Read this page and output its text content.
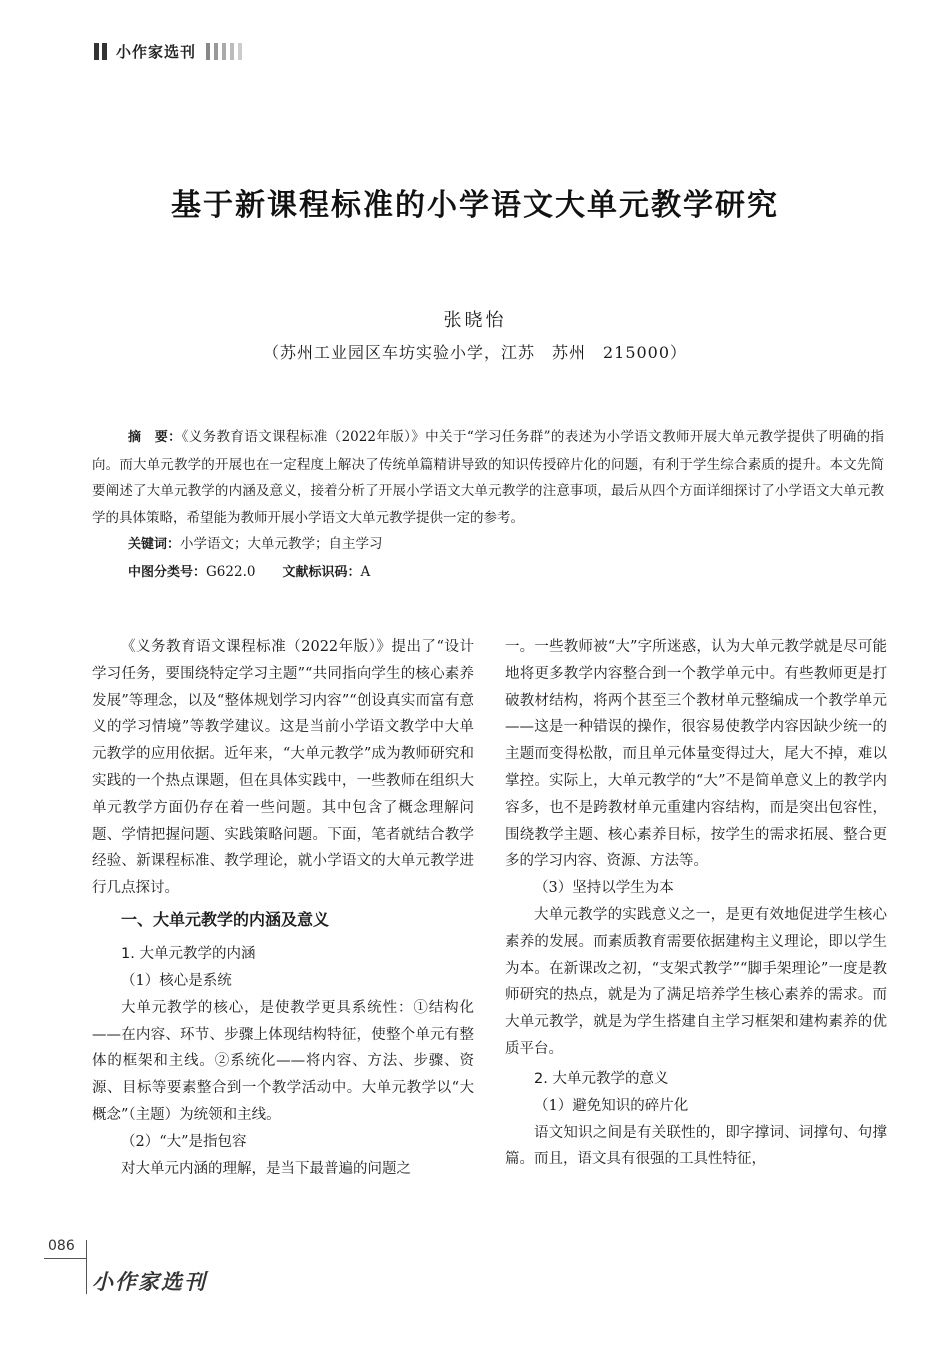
小作家选刊
基于新课程标准的小学语文大单元教学研究
张晓怡
（苏州工业园区车坊实验小学，江苏　苏州　215000）

摘　要：《义务教育语文课程标准（2022年版）》中关于“学习任务群”的表述为小学语文教师开展大单元教学提供了明确的指向。而大单元教学的开展也在一定程度上解决了传统单篇精讲导致的知识传授碎片化的问题，有利于学生综合素质的提升。本文先简要阐述了大单元教学的内涵及意义，接着分析了开展小学语文大单元教学的注意事项，最后从四个方面详细探讨了小学语文大单元教学的具体策略，希望能为教师开展小学语文大单元教学提供一定的参考。

关键词：小学语文；大单元教学；自主学习

中图分类号：G622.0　　 文献标识码：A

《义务教育语文课程标准（2022年版）》提出了“设计学习任务，要围绕特定学习主题”“共同指向学生的核心素养发展”等理念，以及“整体规划学习内容”“创设真实而富有意义的学习情境”等教学建议。这是当前小学语文教学中大单元教学的应用依据。近年来，“大单元教学”成为教师研究和实践的一个热点课题，但在具体实践中，一些教师在组织大单元教学方面仍存在着一些问题。其中包含了概念理解问题、学情把握问题、实践策略问题。下面，笔者就结合教学经验、新课程标准、教学理论，就小学语文的大单元教学进行几点探讨。

一、大单元教学的内涵及意义
1. 大单元教学的内涵

（1）核心是系统

大单元教学的核心，是使教学更具系统性：①结构化——在内容、环节、步骤上体现结构特征，使整个单元有整体的框架和主线。②系统化——将内容、方法、步骤、资源、目标等要素整合到一个教学活动中。大单元教学以“大概念”（主题）为统领和主线。

（2）“大”是指包容

对大单元内涵的理解，是当下最普遍的问题之

一。一些教师被“大”字所迷惑，认为大单元教学就是尽可能地将更多教学内容整合到一个教学单元中。有些教师更是打破教材结构，将两个甚至三个教材单元整编成一个教学单元——这是一种错误的操作，很容易使教学内容因缺少统一的主题而变得松散，而且单元体量变得过大，尾大不掉，难以掌控。实际上，大单元教学的“大”不是简单意义上的教学内容多，也不是跨教材单元重建内容结构，而是突出包容性，围绕教学主题、核心素养目标，按学生的需求拓展、整合更多的学习内容、资源、方法等。

（3）坚持以学生为本

大单元教学的实践意义之一，是更有效地促进学生核心素养的发展。而素质教育需要依据建构主义理论，即以学生为本。在新课改之初，“支架式教学”“脚手架理论”一度是教师研究的热点，就是为了满足培养学生核心素养的需求。而大单元教学，就是为学生搭建自主学习框架和建构素养的优质平台。

2. 大单元教学的意义

（1）避免知识的碎片化

语文知识之间是有关联性的，即字撑词、词撑句、句撑篇。而且，语文具有很强的工具性特征，

086
小作家选刊
